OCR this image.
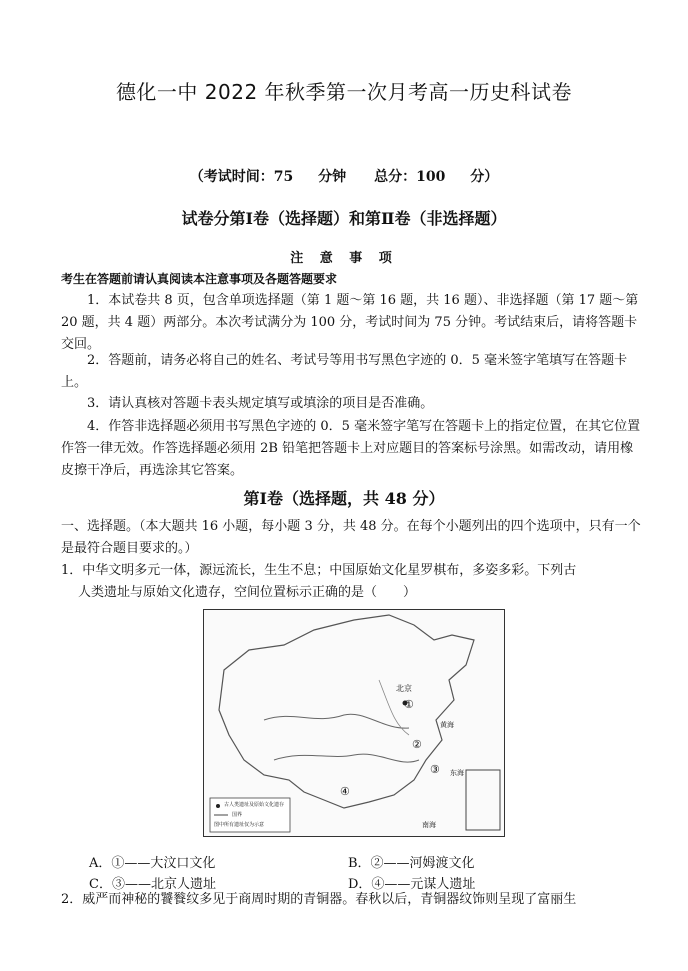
德化一中 2022 年秋季第一次月考高一历史科试卷
（考试时间：75 分钟　　总分：100 分）
试卷分第Ⅰ卷（选择题）和第Ⅱ卷（非选择题）
注 意 事 项
考生在答题前请认真阅读本注意事项及各题答题要求
1．本试卷共 8 页，包含单项选择题（第 1 题～第 16 题，共 16 题）、非选择题（第 17 题～第 20 题，共 4 题）两部分。本次考试满分为 100 分，考试时间为 75 分钟。考试结束后，请将答题卡交回。
2．答题前，请务必将自己的姓名、考试号等用书写黑色字迹的 0．5 毫米签字笔填写在答题卡上。
3．请认真核对答题卡表头规定填写或填涂的项目是否准确。
4．作答非选择题必须用书写黑色字迹的 0．5 毫米签字笔写在答题卡上的指定位置，在其它位置作答一律无效。作答选择题必须用 2B 铅笔把答题卡上对应题目的答案标号涂黑。如需改动，请用橡皮擦干净后，再选涂其它答案。
第Ⅰ卷（选择题，共 48 分）
一、选择题。（本大题共 16 小题，每小题 3 分，共 48 分。在每个小题列出的四个选项中，只有一个是最符合题目要求的。）
1．中华文明多元一体，源远流长，生生不息；中国原始文化星罗棋布，多姿多彩。下列古
人类遗址与原始文化遗存，空间位置标示正确的是（　　）
北京
①
②
③
④
黄海
东海
南海
古人类遗址及原始文化遗存
国界
图中所有遗址仅为示意
A．①——大汶口文化	B．②——河姆渡文化
C．③——北京人遗址	D．④——元谋人遗址
2．威严而神秘的饕餮纹多见于商周时期的青铜器。春秋以后，青铜器纹饰则呈现了富丽生
